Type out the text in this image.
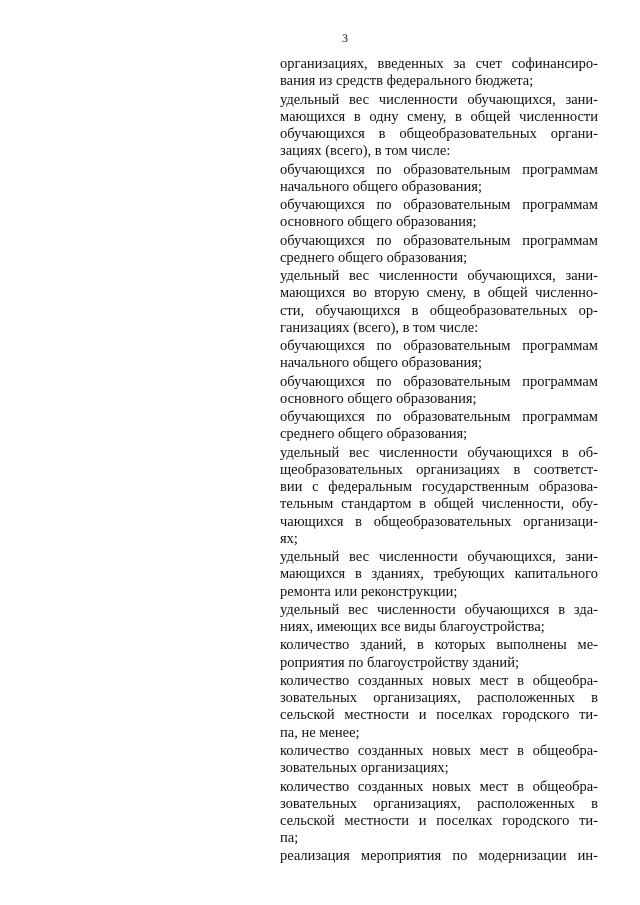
3
организациях, введенных за счет софинансиро-
вания из средств федерального бюджета;
удельный вес численности обучающихся, зани-
мающихся в одну смену, в общей численности
обучающихся в общеобразовательных органи-
зациях (всего), в том числе:
обучающихся по образовательным программам
начального общего образования;
обучающихся по образовательным программам
основного общего образования;
обучающихся по образовательным программам
среднего общего образования;
удельный вес численности обучающихся, зани-
мающихся во вторую смену, в общей численно-
сти, обучающихся в общеобразовательных ор-
ганизациях (всего), в том числе:
обучающихся по образовательным программам
начального общего образования;
обучающихся по образовательным программам
основного общего образования;
обучающихся по образовательным программам
среднего общего образования;
удельный вес численности обучающихся в об-
щеобразовательных организациях в соответст-
вии с федеральным государственным образова-
тельным стандартом в общей численности, обу-
чающихся в общеобразовательных организаци-
ях;
удельный вес численности обучающихся, зани-
мающихся в зданиях, требующих капитального
ремонта или реконструкции;
удельный вес численности обучающихся в зда-
ниях, имеющих все виды благоустройства;
количество зданий, в которых выполнены ме-
роприятия по благоустройству зданий;
количество созданных новых мест в общеобра-
зовательных организациях, расположенных в
сельской местности и поселках городского ти-
па, не менее;
количество созданных новых мест в общеобра-
зовательных организациях;
количество созданных новых мест в общеобра-
зовательных организациях, расположенных в
сельской местности и поселках городского ти-
па;
реализация мероприятия по модернизации ин-
